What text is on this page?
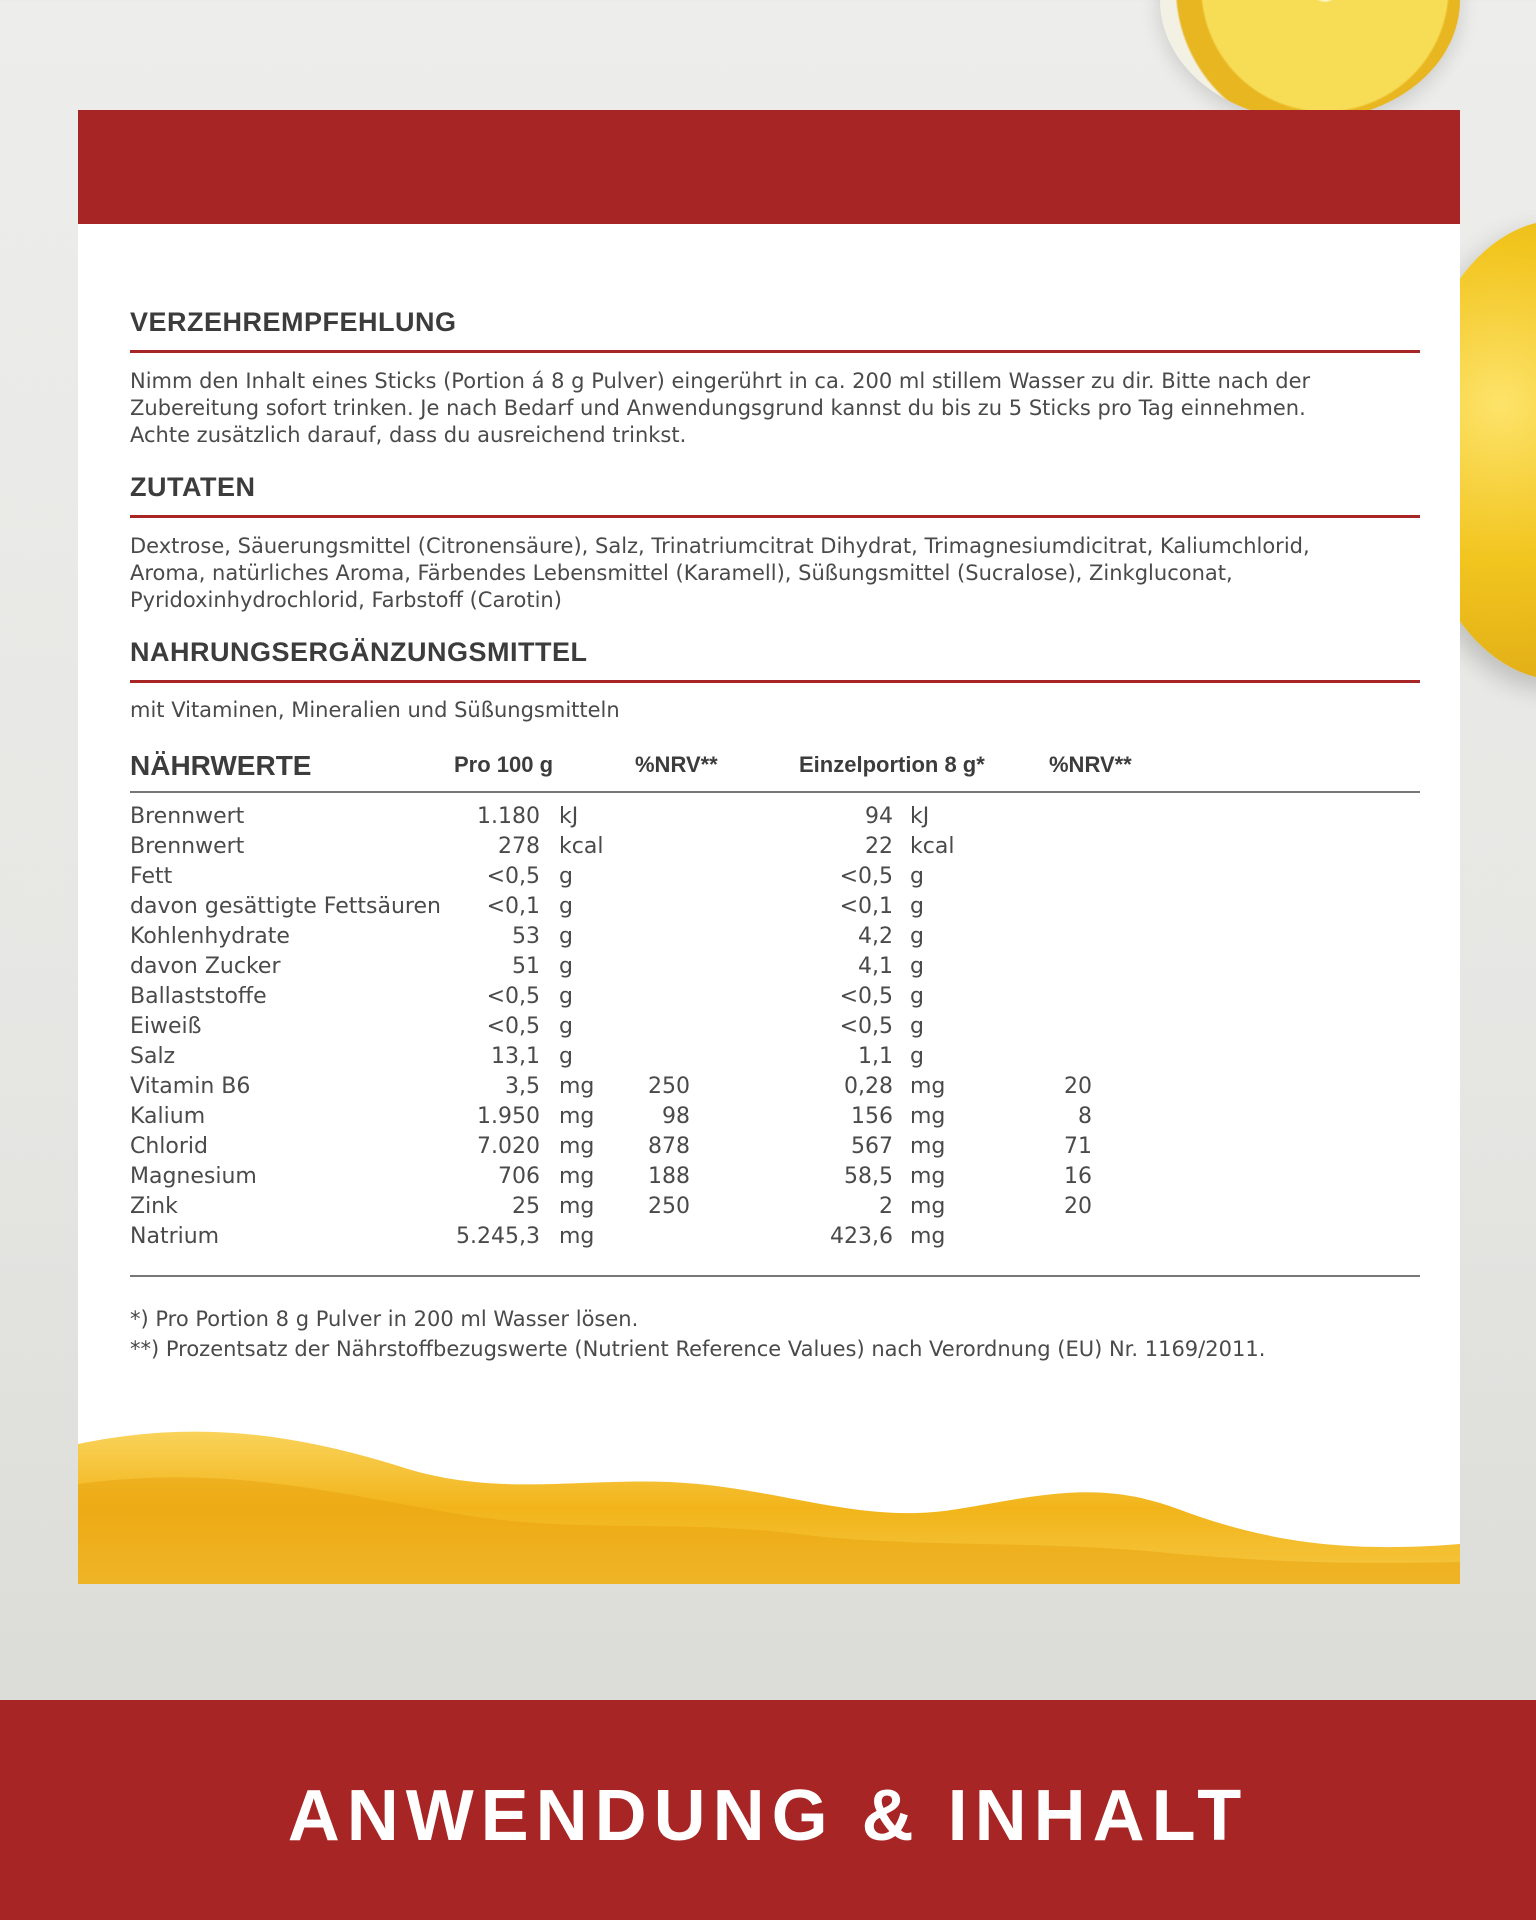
VERZEHREMPFEHLUNG
Nimm den Inhalt eines Sticks (Portion á 8 g Pulver) eingerührt in ca. 200 ml stillem Wasser zu dir. Bitte nach der
Zubereitung sofort trinken. Je nach Bedarf und Anwendungsgrund kannst du bis zu 5 Sticks pro Tag einnehmen.
Achte zusätzlich darauf, dass du ausreichend trinkst.
ZUTATEN
Dextrose, Säuerungsmittel (Citronensäure), Salz, Trinatriumcitrat Dihydrat, Trimagnesiumdicitrat, Kaliumchlorid,
Aroma, natürliches Aroma, Färbendes Lebensmittel (Karamell), Süßungsmittel (Sucralose), Zinkgluconat,
Pyridoxinhydrochlorid, Farbstoff (Carotin)
NAHRUNGSERGÄNZUNGSMITTEL
mit Vitaminen, Mineralien und Süßungsmitteln
NÄHRWERTE	Pro 100 g	%NRV**	Einzelportion 8 g*	%NRV**
Brennwert	1.180 kJ	94 kJ
Brennwert	278 kcal	22 kcal
Fett	<0,5 g	<0,5 g
davon gesättigte Fettsäuren <0,1 g	<0,1 g
Kohlenhydrate	53 g	4,2 g
davon Zucker	51 g	4,1 g
Ballaststoffe	<0,5 g	<0,5 g
Eiweiß	<0,5 g	<0,5 g
Salz	13,1 g	1,1 g
Vitamin B6	3,5 mg 250	0,28 mg	20
Kalium	1.950 mg	98	156 mg	8
Chlorid	7.020 mg 878	567 mg	71
Magnesium	706 mg 188	58,5 mg	16
Zink	25 mg 250	2 mg	20
Natrium	5.245,3 mg	423,6 mg
*) Pro Portion 8 g Pulver in 200 ml Wasser lösen.
**) Prozentsatz der Nährstoffbezugswerte (Nutrient Reference Values) nach Verordnung (EU) Nr. 1169/2011.
ANWENDUNG & INHALT
